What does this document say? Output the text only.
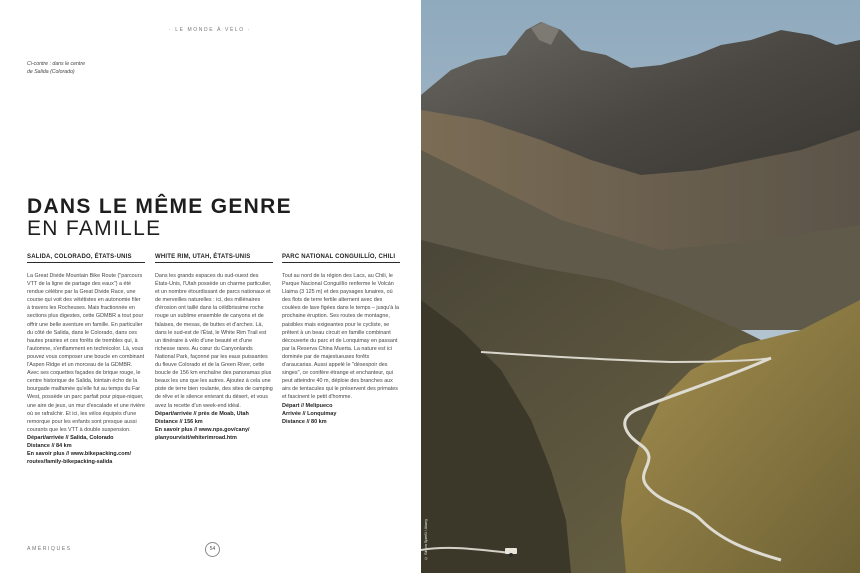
· LE MONDE À VÉLO ·
Ci-contre : dans le centre
de Salida (Colorado)
DANS LE MÊME GENRE
EN FAMILLE
SALIDA, COLORADO, ÉTATS-UNIS

La Great Divide Mountain Bike Route ("parcours VTT de la ligne de partage des eaux") a été rendue célèbre par la Great Divide Race, une course qui voit des vététistes en autonomie filer à travers les Rocheuses. Mais fractionnée en sections plus digestes, cette GDMBR a tout pour offrir une belle aventure en famille. En particulier du côté de Salida, dans le Colorado, dans ces hautes prairies et ces forêts de trembles qui, à l'automne, s'enflamment en technicolor. Là, vous pouvez vous composer une boucle en combinant l'Aspen Ridge et un morceau de la GDMBR. Avec ses coquettes façades de brique rouge, le centre historique de Salida, lointain écho de la bourgade malfamée qu'elle fut au temps du Far West, possède un parc parfait pour pique-niquer, une aire de jeux, un mur d'escalade et une rivière où se rafraîchir. Et ici, les vélos équipés d'une remorque pour les enfants sont presque aussi courants que les VTT à double suspension.

Départ/arrivée // Salida, Colorado
Distance // 84 km
En savoir plus // www.bikepacking.com/
routes/family-bikepacking-salida
WHITE RIM, UTAH, ÉTATS-UNIS

Dans les grands espaces du sud-ouest des États-Unis, l'Utah possède un charme particulier, et un nombre étourdissant de parcs nationaux et de merveilles naturelles : ici, des millénaires d'érosion ont taillé dans la céldbrissime roche rouge un sublime ensemble de canyons et de falaises, de mesas, de buttes et d'arches. Là, dans le sud-est de l'État, le White Rim Trail est un itinéraire à vélo d'une beauté et d'une richesse rares. Au cœur du Canyonlands National Park, façonné par les eaux puissantes du fleuve Colorado et de la Green River, cette boucle de 156 km enchaîne des panoramas plus beaux les uns que les autres. Ajoutez à cela une piste de terre bien roulante, des sites de camping de rêve et le silence enivrant du désert, et vous avez la recette d'un week-end idéal.

Départ/arrivée // près de Moab, Utah
Distance // 156 km
En savoir plus // www.nps.gov/cany/
planyourvisit/whiterimroad.htm
PARC NATIONAL CONGUILLÍO, CHILI

Tout au nord de la région des Lacs, au Chili, le Parque Nacional Conguillío renferme le Volcán Llaima (3 125 m) et des paysages lunaires, où des flots de terre fertile alternent avec des coulées de lave figées dans le temps – jusqu'à la prochaine éruption. Ses routes de montagne, paisibles mais exigeantes pour le cycliste, se prêtent à un beau circuit en famille combinant découverte du parc et de Lonquimay en passant par la Reserva China Muerta. La nature est ici dominée par de majestueuses forêts d'araucarias. Aussi appelé le "désespoir des singes", ce conifère étrange et enchanteur, qui peut atteindre 40 m, déploie des branches aux airs de tentacules qui le préservent des primates et fascinent le petit d'homme.

Départ // Melipueco
Arrivée // Lonquimay
Distance // 80 km
AMÉRIQUES	54	© Simon Spießl / Alamy
